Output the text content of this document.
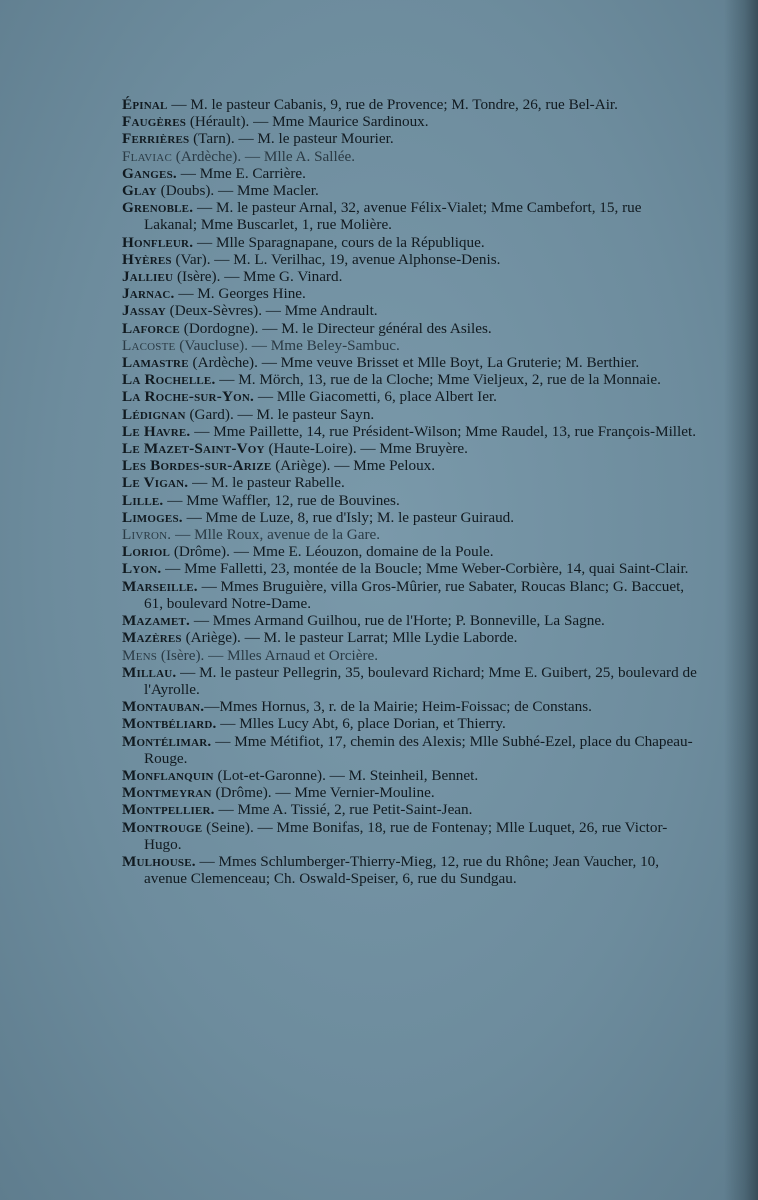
Épinal — M. le pasteur Cabanis, 9, rue de Provence; M. Tondre, 26, rue Bel-Air.
Faugères (Hérault). — Mme Maurice Sardinoux.
Ferrières (Tarn). — M. le pasteur Mourier.
Flaviac (Ardèche). — Mlle A. Sallée.
Ganges. — Mme E. Carrière.
Glay (Doubs). — Mme Macler.
Grenoble. — M. le pasteur Arnal, 32, avenue Félix-Vialet; Mme Cambefort, 15, rue Lakanal; Mme Buscarlet, 1, rue Molière.
Honfleur. — Mlle Sparagnapane, cours de la République.
Hyères (Var). — M. L. Verilhac, 19, avenue Alphonse-Denis.
Jallieu (Isère). — Mme G. Vinard.
Jarnac. — M. Georges Hine.
Jassay (Deux-Sèvres). — Mme Andrault.
Laforce (Dordogne). — M. le Directeur général des Asiles.
Lacoste (Vaucluse). — Mme Beley-Sambuc.
Lamastre (Ardèche). — Mme veuve Brisset et Mlle Boyt, La Gruterie; M. Berthier.
La Rochelle. — M. Mörch, 13, rue de la Cloche; Mme Vieljeux, 2, rue de la Monnaie.
La Roche-sur-Yon. — Mlle Giacometti, 6, place Albert Ier.
Lédignan (Gard). — M. le pasteur Sayn.
Le Havre. — Mme Paillette, 14, rue Président-Wilson; Mme Raudel, 13, rue François-Millet.
Le Mazet-Saint-Voy (Haute-Loire). — Mme Bruyère.
Les Bordes-sur-Arize (Ariège). — Mme Peloux.
Le Vigan. — M. le pasteur Rabelle.
Lille. — Mme Waffler, 12, rue de Bouvines.
Limoges. — Mme de Luze, 8, rue d'Isly; M. le pasteur Guiraud.
Livron. — Mlle Roux, avenue de la Gare.
Loriol (Drôme). — Mme E. Léouzon, domaine de la Poule.
Lyon. — Mme Falletti, 23, montée de la Boucle; Mme Weber-Corbière, 14, quai Saint-Clair.
Marseille. — Mmes Bruguière, villa Gros-Mûrier, rue Sabater, Roucas Blanc; G. Baccuet, 61, boulevard Notre-Dame.
Mazamet. — Mmes Armand Guilhou, rue de l'Horte; P. Bonneville, La Sagne.
Mazères (Ariège). — M. le pasteur Larrat; Mlle Lydie Laborde.
Mens (Isère). — Mlles Arnaud et Orcière.
Millau. — M. le pasteur Pellegrin, 35, boulevard Richard; Mme E. Guibert, 25, boulevard de l'Ayrolle.
Montauban.—Mmes Hornus, 3, r. de la Mairie; Heim-Foissac; de Constans.
Montbéliard. — Mlles Lucy Abt, 6, place Dorian, et Thierry.
Montélimar. — Mme Métifiot, 17, chemin des Alexis; Mlle Subhé-Ezel, place du Chapeau-Rouge.
Monflanquin (Lot-et-Garonne). — M. Steinheil, Bennet.
Montmeyran (Drôme). — Mme Vernier-Mouline.
Montpellier. — Mme A. Tissié, 2, rue Petit-Saint-Jean.
Montrouge (Seine). — Mme Bonifas, 18, rue de Fontenay; Mlle Luquet, 26, rue Victor-Hugo.
Mulhouse. — Mmes Schlumberger-Thierry-Mieg, 12, rue du Rhône; Jean Vaucher, 10, avenue Clemenceau; Ch. Oswald-Speiser, 6, rue du Sundgau.
